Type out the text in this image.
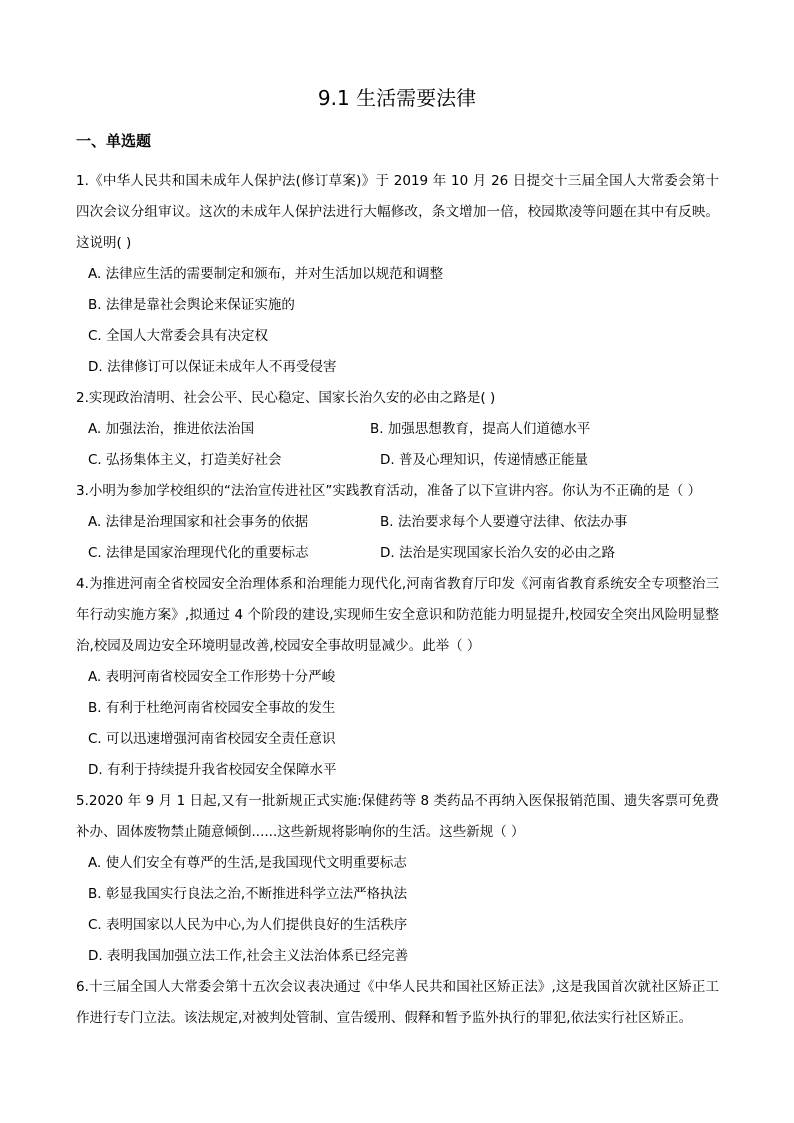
9.1 生活需要法律
一、单选题

1.《中华人民共和国未成年人保护法(修订草案)》于 2019 年 10 月 26 日提交十三届全国人大常委会第十四次会议分组审议。这次的未成年人保护法进行大幅修改，条文增加一倍，校园欺凌等问题在其中有反映。这说明( )

A. 法律应生活的需要制定和颁布，并对生活加以规范和调整
B. 法律是靠社会舆论来保证实施的
C. 全国人大常委会具有决定权
D. 法律修订可以保证未成年人不再受侵害

2.实现政治清明、社会公平、民心稳定、国家长治久安的必由之路是( )

A. 加强法治，推进依法治国	B. 加强思想教育，提高人们道德水平
C. 弘扬集体主义，打造美好社会	D. 普及心理知识，传递情感正能量

3.小明为参加学校组织的“法治宣传进社区”实践教育活动，准备了以下宣讲内容。你认为不正确的是（ ）

A. 法律是治理国家和社会事务的依据	B. 法治要求每个人要遵守法律、依法办事
C. 法律是国家治理现代化的重要标志	D. 法治是实现国家长治久安的必由之路

4.为推进河南全省校园安全治理体系和治理能力现代化,河南省教育厅印发《河南省教育系统安全专项整治三年行动实施方案》,拟通过 4 个阶段的建设,实现师生安全意识和防范能力明显提升,校园安全突出风险明显整治,校园及周边安全环境明显改善,校园安全事故明显减少。此举（ ）

A. 表明河南省校园安全工作形势十分严峻
B. 有利于杜绝河南省校园安全事故的发生
C. 可以迅速增强河南省校园安全责任意识
D. 有利于持续提升我省校园安全保障水平

5.2020 年 9 月 1 日起,又有一批新规正式实施:保健药等 8 类药品不再纳入医保报销范围、遗失客票可免费补办、固体废物禁止随意倾倒......这些新规将影响你的生活。这些新规（ ）

A. 使人们安全有尊严的生活,是我国现代文明重要标志
B. 彰显我国实行良法之治,不断推进科学立法严格执法
C. 表明国家以人民为中心,为人们提供良好的生活秩序
D. 表明我国加强立法工作,社会主义法治体系已经完善

6.十三届全国人大常委会第十五次会议表决通过《中华人民共和国社区矫正法》,这是我国首次就社区矫正工作进行专门立法。该法规定,对被判处管制、宣告缓刑、假释和暂予监外执行的罪犯,依法实行社区矫正。
